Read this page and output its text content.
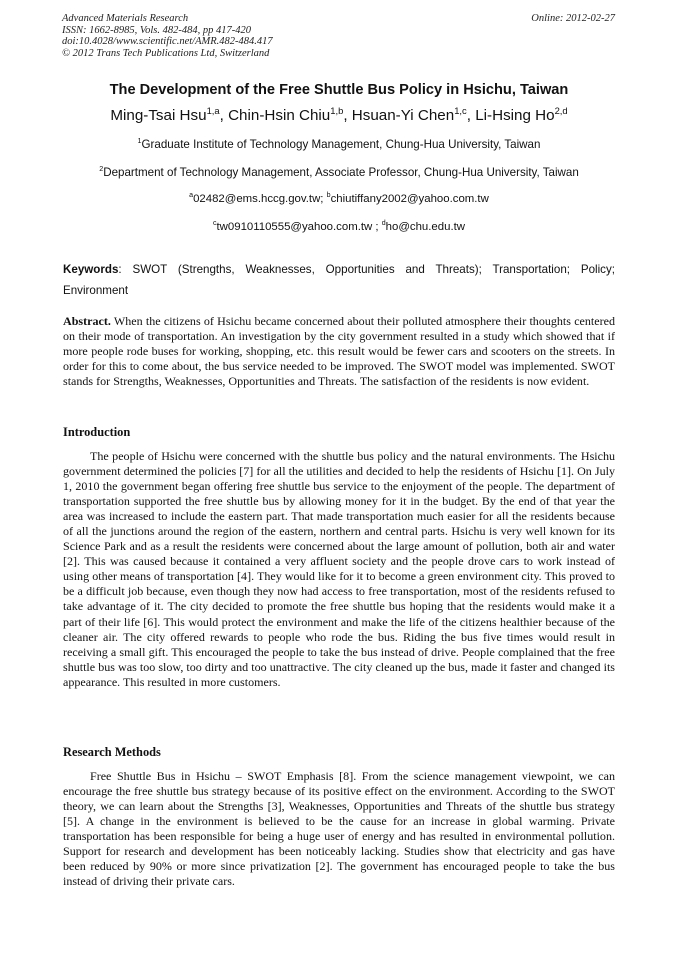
Advanced Materials Research
ISSN: 1662-8985, Vols. 482-484, pp 417-420
doi:10.4028/www.scientific.net/AMR.482-484.417
© 2012 Trans Tech Publications Ltd, Switzerland
Online: 2012-02-27
The Development of the Free Shuttle Bus Policy in Hsichu, Taiwan
Ming-Tsai Hsu$^{1,a}$, Chin-Hsin Chiu$^{1,b}$, Hsuan-Yi Chen$^{1,c}$, Li-Hsing Ho$^{2,d}$
$^1$Graduate Institute of Technology Management, Chung-Hua University, Taiwan
$^2$Department of Technology Management, Associate Professor, Chung-Hua University, Taiwan
$^a$02482@ems.hccg.gov.tw; $^b$chiutiffany2002@yahoo.com.tw
$^c$tw0910110555@yahoo.com.tw ; $^d$ho@chu.edu.tw
Keywords: SWOT (Strengths, Weaknesses, Opportunities and Threats); Transportation; Policy; Environment

Abstract. When the citizens of Hsichu became concerned about their polluted atmosphere their thoughts centered on their mode of transportation. An investigation by the city government resulted in a study which showed that if more people rode buses for working, shopping, etc. this result would be fewer cars and scooters on the streets. In order for this to come about, the bus service needed to be improved. The SWOT model was implemented. SWOT stands for Strengths, Weaknesses, Opportunities and Threats. The satisfaction of the residents is now evident.

Introduction

The people of Hsichu were concerned with the shuttle bus policy and the natural environments. The Hsichu government determined the policies [7] for all the utilities and decided to help the residents of Hsichu [1]. On July 1, 2010 the government began offering free shuttle bus service to the enjoyment of the people. The department of transportation supported the free shuttle bus by allowing money for it in the budget. By the end of that year the area was increased to include the eastern part. That made transportation much easier for all the residents because of all the junctions around the region of the eastern, northern and central parts. Hsichu is very well known for its Science Park and as a result the residents were concerned about the large amount of pollution, both air and water [2]. This was caused because it contained a very affluent society and the people drove cars to work instead of using other means of transportation [4]. They would like for it to become a green environment city. This proved to be a difficult job because, even though they now had access to free transportation, most of the residents refused to take advantage of it. The city decided to promote the free shuttle bus hoping that the residents would make it a part of their life [6]. This would protect the environment and make the life of the citizens healthier because of the cleaner air. The city offered rewards to people who rode the bus. Riding the bus five times would result in receiving a small gift. This encouraged the people to take the bus instead of drive. People complained that the free shuttle bus was too slow, too dirty and too unattractive. The city cleaned up the bus, made it faster and changed its appearance. This resulted in more customers.

Research Methods

Free Shuttle Bus in Hsichu – SWOT Emphasis [8]. From the science management viewpoint, we can encourage the free shuttle bus strategy because of its positive effect on the environment. According to the SWOT theory, we can learn about the Strengths [3], Weaknesses, Opportunities and Threats of the shuttle bus strategy [5]. A change in the environment is believed to be the cause for an increase in global warming. Private transportation has been responsible for being a huge user of energy and has resulted in environmental pollution. Support for research and development has been noticeably lacking. Studies show that electricity and gas have been reduced by 90% or more since privatization [2]. The government has encouraged people to take the bus instead of driving their private cars.
